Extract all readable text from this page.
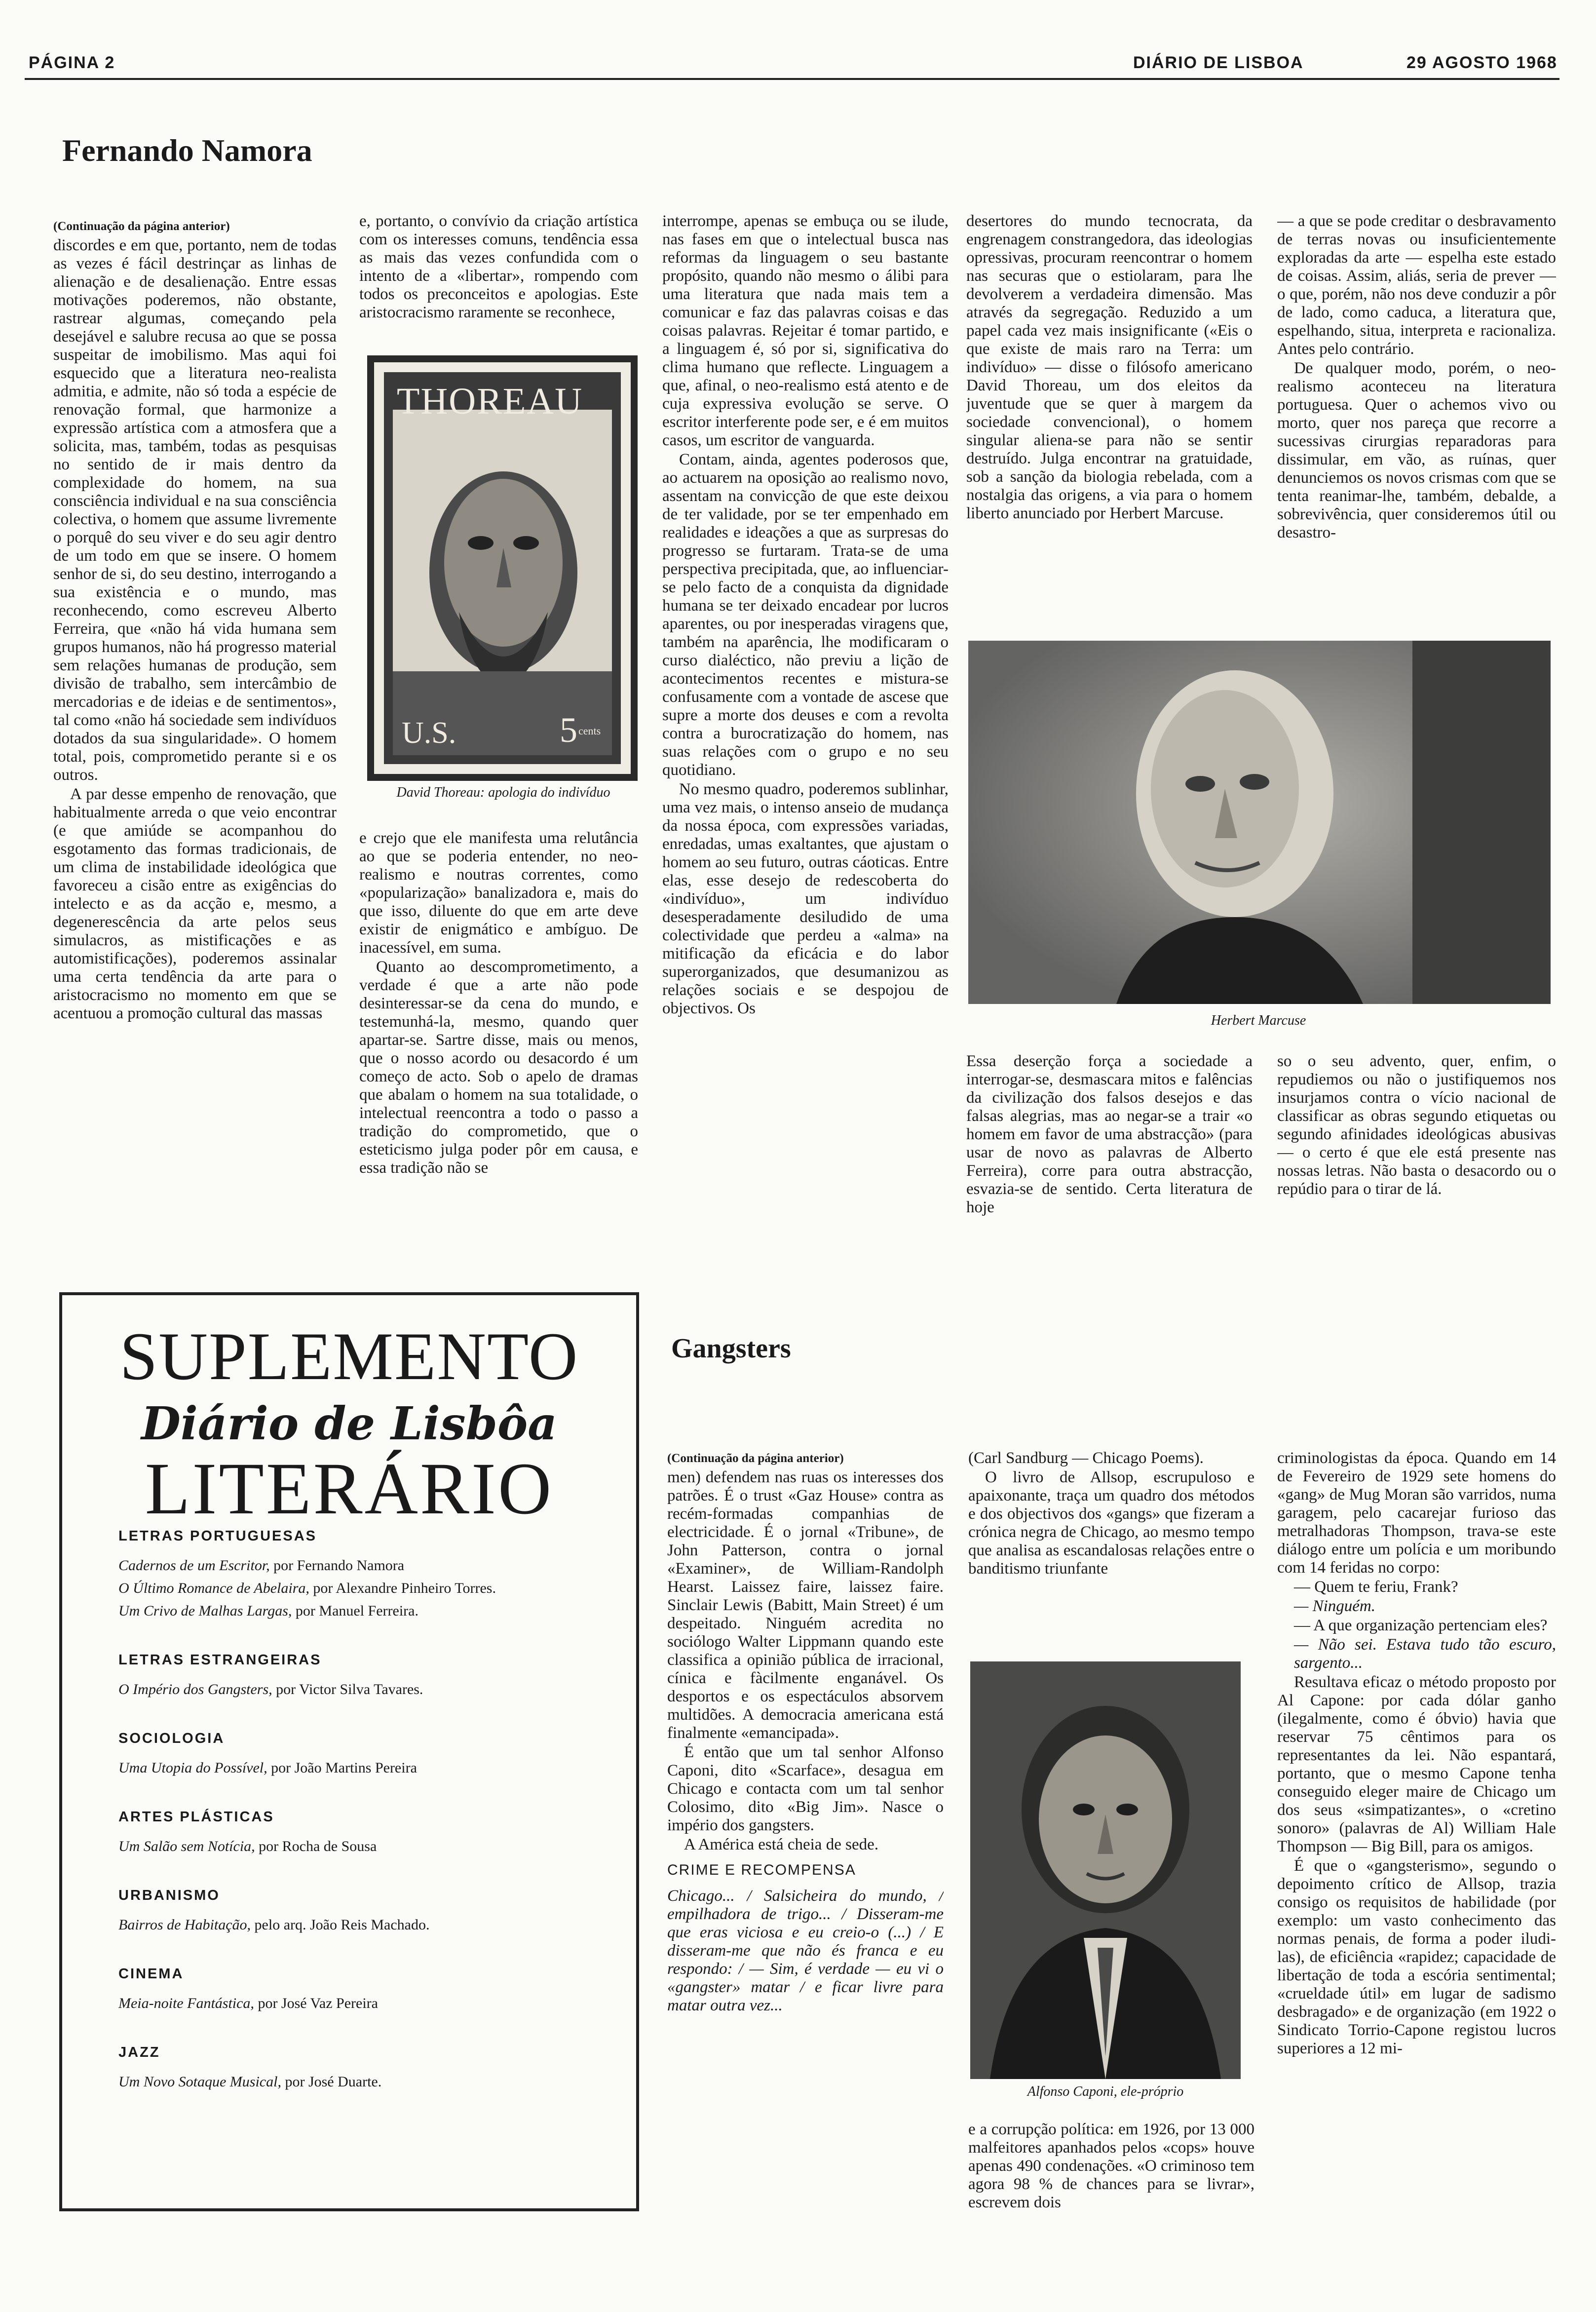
PÁGINA 2	DIÁRIO DE LISBOA	29 AGOSTO 1968
Fernando Namora

(Continuação da página anterior)

discordes e em que, portanto, nem de todas as vezes é fácil destrinçar as linhas de alienação e de desalienação. Entre essas motivações poderemos, não obstante, rastrear algumas, começando pela desejável e salubre recusa ao que se possa suspeitar de imobilismo. Mas aqui foi esquecido que a literatura neo-realista admitia, e admite, não só toda a espécie de renovação formal, que harmonize a expressão artística com a atmosfera que a solicita, mas, também, todas as pesquisas no sentido de ir mais dentro da complexidade do homem, na sua consciência individual e na sua consciência colectiva, o homem que assume livremente o porquê do seu viver e do seu agir dentro de um todo em que se insere. O homem senhor de si, do seu destino, interrogando a sua existência e o mundo, mas reconhecendo, como escreveu Alberto Ferreira, que «não há vida humana sem grupos humanos, não há progresso material sem relações humanas de produção, sem divisão de trabalho, sem intercâmbio de mercadorias e de ideias e de sentimentos», tal como «não há sociedade sem indivíduos dotados da sua singularidade». O homem total, pois, comprometido perante si e os outros.

A par desse empenho de renovação, que habitualmente arreda o que veio encontrar (e que amiúde se acompanhou do esgotamento das formas tradicionais, de um clima de instabilidade ideológica que favoreceu a cisão entre as exigências do intelecto e as da acção e, mesmo, a degenerescência da arte pelos seus simulacros, as mistificações e as automistificações), poderemos assinalar uma certa tendência da arte para o aristocracismo no momento em que se acentuou a promoção cultural das massas

e, portanto, o convívio da criação artística com os interesses comuns, tendência essa as mais das vezes confundida com o intento de a «libertar», rompendo com todos os preconceitos e apologias. Este aristocracismo raramente se reconhece,

THOREAU
U.S.	5 cents
David Thoreau: apologia do indivíduo

e crejo que ele manifesta uma relutância ao que se poderia entender, no neo-realismo e noutras correntes, como «popularização» banalizadora e, mais do que isso, diluente do que em arte deve existir de enigmático e ambíguo. De inacessível, em suma.

Quanto ao descomprometimento, a verdade é que a arte não pode desinteressar-se da cena do mundo, e testemunhá-la, mesmo, quando quer apartar-se. Sartre disse, mais ou menos, que o nosso acordo ou desacordo é um começo de acto. Sob o apelo de dramas que abalam o homem na sua totalidade, o intelectual reencontra a todo o passo a tradição do comprometido, que o esteticismo julga poder pôr em causa, e essa tradição não se

interrompe, apenas se embuça ou se ilude, nas fases em que o intelectual busca nas reformas da linguagem o seu bastante propósito, quando não mesmo o álibi para uma literatura que nada mais tem a comunicar e faz das palavras coisas e das coisas palavras. Rejeitar é tomar partido, e a linguagem é, só por si, significativa do clima humano que reflecte. Linguagem a que, afinal, o neo-realismo está atento e de cuja expressiva evolução se serve. O escritor interferente pode ser, e é em muitos casos, um escritor de vanguarda.

Contam, ainda, agentes poderosos que, ao actuarem na oposição ao realismo novo, assentam na convicção de que este deixou de ter validade, por se ter empenhado em realidades e ideações a que as surpresas do progresso se furtaram. Trata-se de uma perspectiva precipitada, que, ao influenciar-se pelo facto de a conquista da dignidade humana se ter deixado encadear por lucros aparentes, ou por inesperadas viragens que, também na aparência, lhe modificaram o curso dialéctico, não previu a lição de acontecimentos recentes e mistura-se confusamente com a vontade de ascese que supre a morte dos deuses e com a revolta contra a burocratização do homem, nas suas relações com o grupo e no seu quotidiano.

No mesmo quadro, poderemos sublinhar, uma vez mais, o intenso anseio de mudança da nossa época, com expressões variadas, enredadas, umas exaltantes, que ajustam o homem ao seu futuro, outras cáoticas. Entre elas, esse desejo de redescoberta do «indivíduo», um indivíduo desesperadamente desiludido de uma colectividade que perdeu a «alma» na mitificação da eficácia e do labor superorganizados, que desumanizou as relações sociais e se despojou de objectivos. Os

desertores do mundo tecnocrata, da engrenagem constrangedora, das ideologias opressivas, procuram reencontrar o homem nas securas que o estiolaram, para lhe devolverem a verdadeira dimensão. Mas através da segregação. Reduzido a um papel cada vez mais insignificante («Eis o que existe de mais raro na Terra: um indivíduo» — disse o filósofo americano David Thoreau, um dos eleitos da juventude que se quer à margem da sociedade convencional), o homem singular aliena-se para não se sentir destruído. Julga encontrar na gratuidade, sob a sanção da biologia rebelada, com a nostalgia das origens, a via para o homem liberto anunciado por Herbert Marcuse.

— a que se pode creditar o desbravamento de terras novas ou insuficientemente exploradas da arte — espelha este estado de coisas. Assim, aliás, seria de prever — o que, porém, não nos deve conduzir a pôr de lado, como caduca, a literatura que, espelhando, situa, interpreta e racionaliza. Antes pelo contrário.

De qualquer modo, porém, o neo-realismo aconteceu na literatura portuguesa. Quer o achemos vivo ou morto, quer nos pareça que recorre a sucessivas cirurgias reparadoras para dissimular, em vão, as ruínas, quer denunciemos os novos crismas com que se tenta reanimar-lhe, também, debalde, a sobrevivência, quer consideremos útil ou desastro-

Herbert Marcuse

Essa deserção força a sociedade a interrogar-se, desmascara mitos e falências da civilização dos falsos desejos e das falsas alegrias, mas ao negar-se a trair «o homem em favor de uma abstracção» (para usar de novo as palavras de Alberto Ferreira), corre para outra abstracção, esvazia-se de sentido. Certa literatura de hoje

so o seu advento, quer, enfim, o repudiemos ou não o justifiquemos nos insurjamos contra o vício nacional de classificar as obras segundo etiquetas ou segundo afinidades ideológicas abusivas — o certo é que ele está presente nas nossas letras. Não basta o desacordo ou o repúdio para o tirar de lá.

SUPLEMENTO
Diário de Lisbôa
LITERÁRIO
LETRAS PORTUGUESAS
Cadernos de um Escritor, por Fernando Namora
O Último Romance de Abelaira, por Alexandre Pinheiro Torres.
Um Crivo de Malhas Largas, por Manuel Ferreira.
LETRAS ESTRANGEIRAS
O Império dos Gangsters, por Victor Silva Tavares.
SOCIOLOGIA
Uma Utopia do Possível, por João Martins Pereira
ARTES PLÁSTICAS
Um Salão sem Notícia, por Rocha de Sousa
URBANISMO
Bairros de Habitação, pelo arq. João Reis Machado.
CINEMA
Meia-noite Fantástica, por José Vaz Pereira
JAZZ
Um Novo Sotaque Musical, por José Duarte.
Gangsters

(Continuação da página anterior)

men) defendem nas ruas os interesses dos patrões. É o trust «Gaz House» contra as recém-formadas companhias de electricidade. É o jornal «Tribune», de John Patterson, contra o jornal «Examiner», de William-Randolph Hearst. Laissez faire, laissez faire. Sinclair Lewis (Babitt, Main Street) é um despeitado. Ninguém acredita no sociólogo Walter Lippmann quando este classifica a opinião pública de irracional, cínica e fàcilmente enganável. Os desportos e os espectáculos absorvem multidões. A democracia americana está finalmente «emancipada».

É então que um tal senhor Alfonso Caponi, dito «Scarface», desagua em Chicago e contacta com um tal senhor Colosimo, dito «Big Jim». Nasce o império dos gangsters.

A América está cheia de sede.

CRIME E RECOMPENSA

Chicago... / Salsicheira do mundo, / empilhadora de trigo... / Disseram-me que eras viciosa e eu creio-o (...) / E disseram-me que não és franca e eu respondo: / — Sim, é verdade — eu vi o «gangster» matar / e ficar livre para matar outra vez...

(Carl Sandburg — Chicago Poems).

O livro de Allsop, escrupuloso e apaixonante, traça um quadro dos métodos e dos objectivos dos «gangs» que fizeram a crónica negra de Chicago, ao mesmo tempo que analisa as escandalosas relações entre o banditismo triunfante

Alfonso Caponi, ele-próprio

e a corrupção política: em 1926, por 13 000 malfeitores apanhados pelos «cops» houve apenas 490 condenações. «O criminoso tem agora 98 % de chances para se livrar», escrevem dois

criminologistas da época. Quando em 14 de Fevereiro de 1929 sete homens do «gang» de Mug Moran são varridos, numa garagem, pelo cacarejar furioso das metralhadoras Thompson, trava-se este diálogo entre um polícia e um moribundo com 14 feridas no corpo:

— Quem te feriu, Frank?

— Ninguém.

— A que organização pertenciam eles?

— Não sei. Estava tudo tão escuro, sargento...

Resultava eficaz o método proposto por Al Capone: por cada dólar ganho (ilegalmente, como é óbvio) havia que reservar 75 cêntimos para os representantes da lei. Não espantará, portanto, que o mesmo Capone tenha conseguido eleger maire de Chicago um dos seus «simpatizantes», o «cretino sonoro» (palavras de Al) William Hale Thompson — Big Bill, para os amigos.

É que o «gangsterismo», segundo o depoimento crítico de Allsop, trazia consigo os requisitos de habilidade (por exemplo: um vasto conhecimento das normas penais, de forma a poder iludi-las), de eficiência «rapidez; capacidade de libertação de toda a escória sentimental; «crueldade útil» em lugar de sadismo desbragado» e de organização (em 1922 o Sindicato Torrio-Capone registou lucros superiores a 12 mi-
